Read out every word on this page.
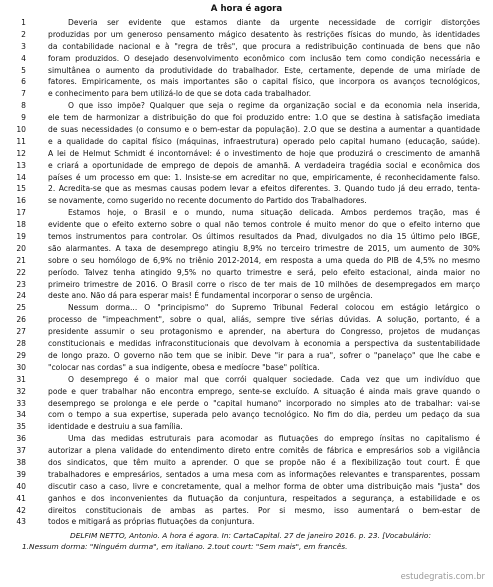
A hora é agora
1	Deveria ser evidente que estamos diante da urgente necessidade de corrigir distorções
2	produzidas por um generoso pensamento mágico desatento às restrições físicas do mundo, às identidades
3	da contabilidade nacional e à "regra de três", que procura a redistribuição continuada de bens que não
4	foram produzidos. O desejado desenvolvimento econômico com inclusão tem como condição necessária e
5	simultânea o aumento da produtividade do trabalhador. Este, certamente, depende de uma miríade de
6	fatores. Empiricamente, os mais importantes são o capital físico, que incorpora os avanços tecnológicos,
7	e conhecimento para bem utilizá-lo de que se dota cada trabalhador.
8	O que isso impõe? Qualquer que seja o regime da organização social e da economia nela inserida,
9	ele tem de harmonizar a distribuição do que foi produzido entre: 1.O que se destina à satisfação imediata
10	de suas necessidades (o consumo e o bem-estar da população). 2.O que se destina a aumentar a quantidade
11	e a qualidade do capital físico (máquinas, infraestrutura) operado pelo capital humano (educação, saúde).
12	A lei de Helmut Schmidt é incontornável: é o investimento de hoje que produzirá o crescimento de amanhã
13	e criará a oportunidade de emprego de depois de amanhã. A verdadeira tragédia social e econômica dos
14	países é um processo em que: 1. Insiste-se em acreditar no que, empiricamente, é reconhecidamente falso.
15	2. Acredita-se que as mesmas causas podem levar a efeitos diferentes. 3. Quando tudo já deu errado, tenta-
16	se novamente, como sugerido no recente documento do Partido dos Trabalhadores.
17	Estamos hoje, o Brasil e o mundo, numa situação delicada. Ambos perdemos tração, mas é
18	evidente que o efeito externo sobre o qual não temos controle é muito menor do que o efeito interno que
19	temos instrumentos para controlar. Os últimos resultados da Pnad, divulgados no dia 15 último pelo IBGE,
20	são alarmantes. A taxa de desemprego atingiu 8,9% no terceiro trimestre de 2015, um aumento de 30%
21	sobre o seu homólogo de 6,9% no triênio 2012-2014, em resposta a uma queda do PIB de 4,5% no mesmo
22	período. Talvez tenha atingido 9,5% no quarto trimestre e será, pelo efeito estacional, ainda maior no
23	primeiro trimestre de 2016. O Brasil corre o risco de ter mais de 10 milhões de desempregados em março
24	deste ano. Não dá para esperar mais! É fundamental incorporar o senso de urgência.
25	Nessum dorma... O "principismo" do Supremo Tribunal Federal colocou em estágio letárgico o
26	processo de "impeachment", sobre o qual, aliás, sempre tive sérias dúvidas. A solução, portanto, é a
27	presidente assumir o seu protagonismo e aprender, na abertura do Congresso, projetos de mudanças
28	constitucionais e medidas infraconstitucionais que devolvam à economia a perspectiva da sustentabilidade
29	de longo prazo. O governo não tem que se inibir. Deve "ir para a rua", sofrer o "panelaço" que lhe cabe e
30	"colocar nas cordas" a sua indigente, obesa e medíocre "base" política.
31	O desemprego é o maior mal que corrói qualquer sociedade. Cada vez que um indivíduo que
32	pode e quer trabalhar não encontra emprego, sente-se excluído. A situação é ainda mais grave quando o
33	desemprego se prolonga e ele perde o "capital humano" incorporado no simples ato de trabalhar: vai-se
34	com o tempo a sua expertise, superada pelo avanço tecnológico. No fim do dia, perdeu um pedaço da sua
35	identidade e destruiu a sua família.
36	Uma das medidas estruturais para acomodar as flutuações do emprego ínsitas no capitalismo é
37	autorizar a plena validade do entendimento direto entre comitês de fábrica e empresários sob a vigilância
38	dos sindicatos, que têm muito a aprender. O que se propõe não é a flexibilização tout court. É que
39	trabalhadores e empresários, sentados a uma mesa com as informações relevantes e transparentes, possam
40	discutir caso a caso, livre e concretamente, qual a melhor forma de obter uma distribuição mais "justa" dos
41	ganhos e dos inconvenientes da flutuação da conjuntura, respeitados a segurança, a estabilidade e os
42	direitos constitucionais de ambas as partes. Por si mesmo, isso aumentará o bem-estar de
43	todos e mitigará as próprias flutuações da conjuntura.
DELFIM NETTO, Antonio. A hora é agora. In: CartaCapital. 27 de janeiro 2016. p. 23. [Vocabulário:
1.Nessum dorma: "Ninguém durma", em italiano. 2.tout court: "Sem mais", em francês.
estudegratis.com.br
